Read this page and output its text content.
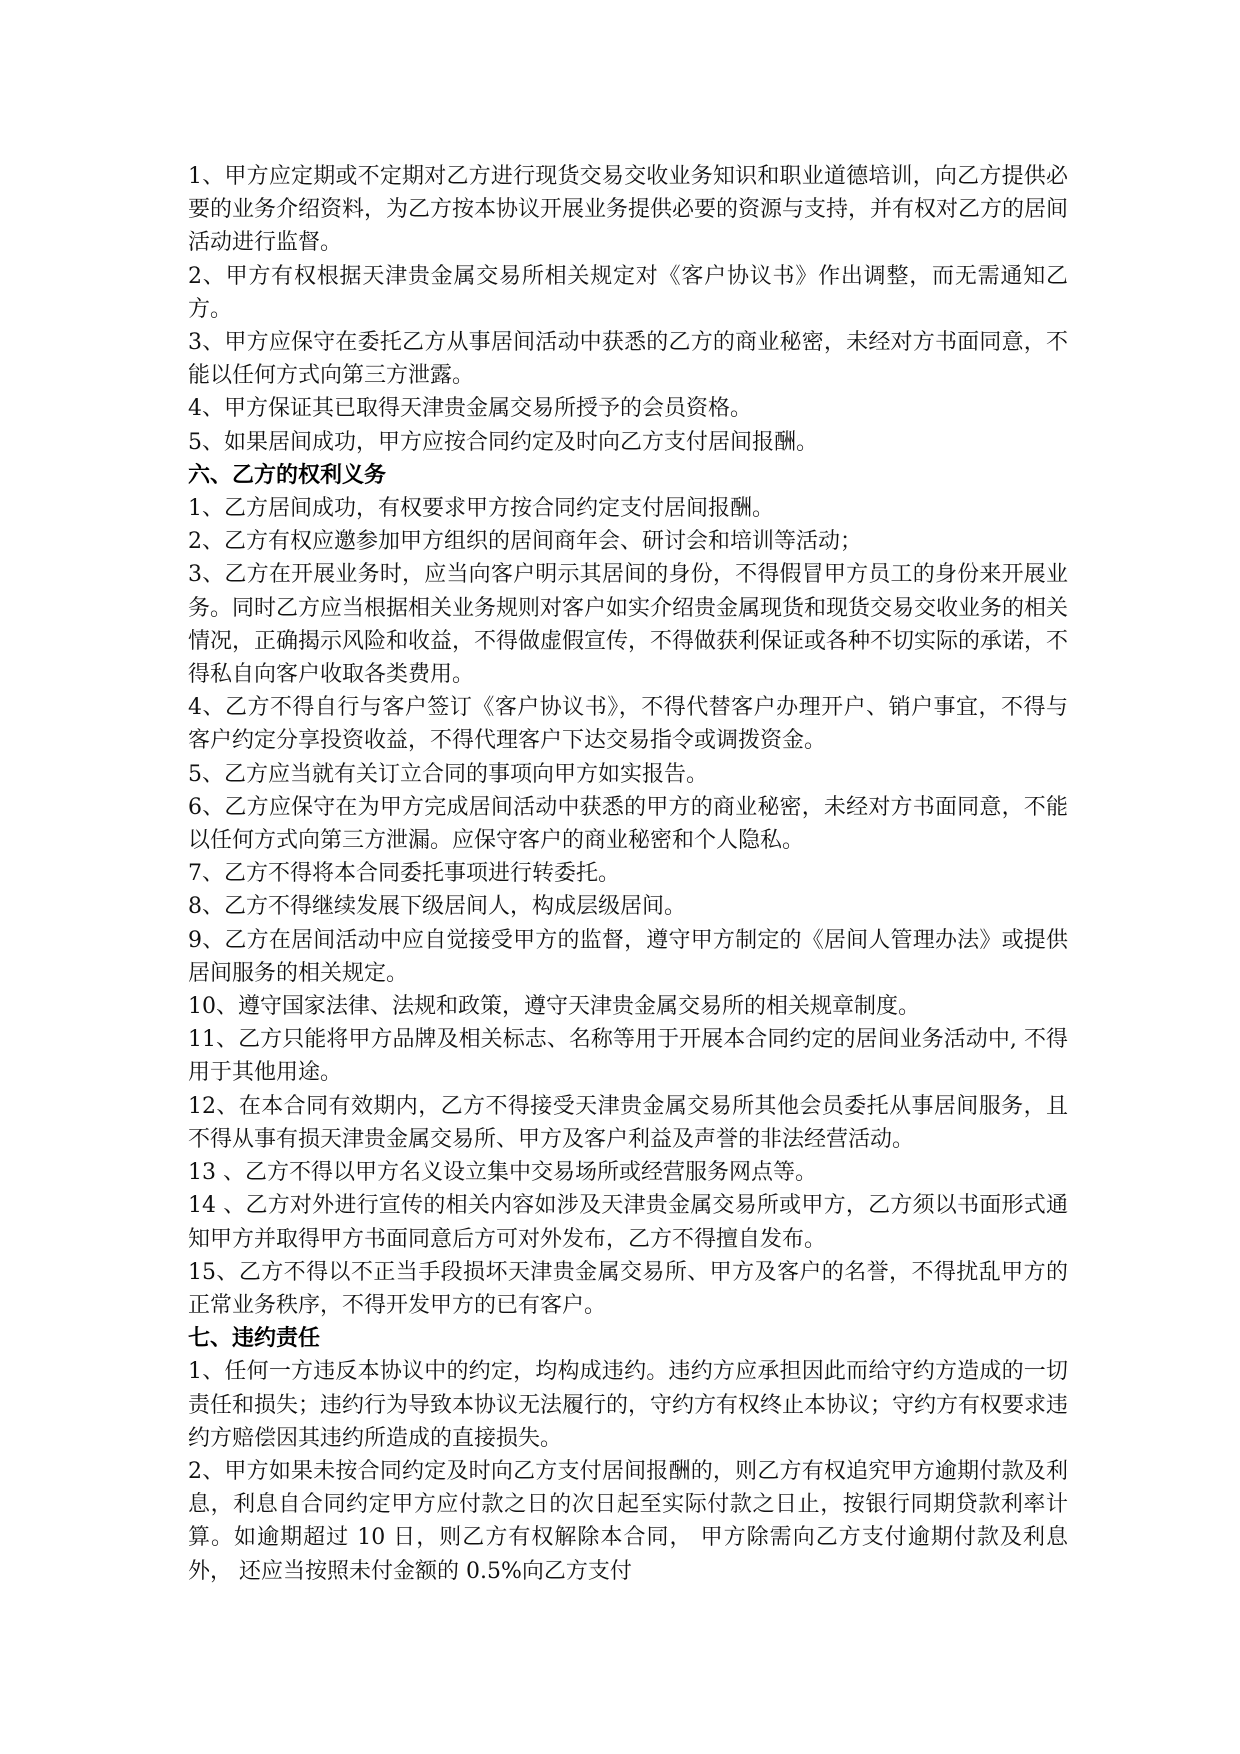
1、甲方应定期或不定期对乙方进行现货交易交收业务知识和职业道德培训，向乙方提供必要的业务介绍资料，为乙方按本协议开展业务提供必要的资源与支持，并有权对乙方的居间活动进行监督。

2、甲方有权根据天津贵金属交易所相关规定对《客户协议书》作出调整，而无需通知乙方。

3、甲方应保守在委托乙方从事居间活动中获悉的乙方的商业秘密，未经对方书面同意，不能以任何方式向第三方泄露。

4、甲方保证其已取得天津贵金属交易所授予的会员资格。

5、如果居间成功，甲方应按合同约定及时向乙方支付居间报酬。

六、乙方的权利义务

1、乙方居间成功，有权要求甲方按合同约定支付居间报酬。

2、乙方有权应邀参加甲方组织的居间商年会、研讨会和培训等活动；

3、乙方在开展业务时，应当向客户明示其居间的身份，不得假冒甲方员工的身份来开展业务。同时乙方应当根据相关业务规则对客户如实介绍贵金属现货和现货交易交收业务的相关情况，正确揭示风险和收益，不得做虚假宣传，不得做获利保证或各种不切实际的承诺，不得私自向客户收取各类费用。

4、乙方不得自行与客户签订《客户协议书》，不得代替客户办理开户、销户事宜，不得与客户约定分享投资收益，不得代理客户下达交易指令或调拨资金。

5、乙方应当就有关订立合同的事项向甲方如实报告。

6、乙方应保守在为甲方完成居间活动中获悉的甲方的商业秘密，未经对方书面同意，不能以任何方式向第三方泄漏。应保守客户的商业秘密和个人隐私。

7、乙方不得将本合同委托事项进行转委托。

8、乙方不得继续发展下级居间人，构成层级居间。

9、乙方在居间活动中应自觉接受甲方的监督，遵守甲方制定的《居间人管理办法》或提供居间服务的相关规定。

10、遵守国家法律、法规和政策，遵守天津贵金属交易所的相关规章制度。

11、乙方只能将甲方品牌及相关标志、名称等用于开展本合同约定的居间业务活动中, 不得用于其他用途。

12、在本合同有效期内，乙方不得接受天津贵金属交易所其他会员委托从事居间服务，且不得从事有损天津贵金属交易所、甲方及客户利益及声誉的非法经营活动。

13 、乙方不得以甲方名义设立集中交易场所或经营服务网点等。

14 、乙方对外进行宣传的相关内容如涉及天津贵金属交易所或甲方，乙方须以书面形式通知甲方并取得甲方书面同意后方可对外发布，乙方不得擅自发布。

15、乙方不得以不正当手段损坏天津贵金属交易所、甲方及客户的名誉，不得扰乱甲方的正常业务秩序，不得开发甲方的已有客户。

七、违约责任

1、任何一方违反本协议中的约定，均构成违约。违约方应承担因此而给守约方造成的一切责任和损失；违约行为导致本协议无法履行的，守约方有权终止本协议；守约方有权要求违约方赔偿因其违约所造成的直接损失。

2、甲方如果未按合同约定及时向乙方支付居间报酬的，则乙方有权追究甲方逾期付款及利息，利息自合同约定甲方应付款之日的次日起至实际付款之日止，按银行同期贷款利率计算。如逾期超过 10 日，则乙方有权解除本合同， 甲方除需向乙方支付逾期付款及利息外， 还应当按照未付金额的 0.5%向乙方支付
